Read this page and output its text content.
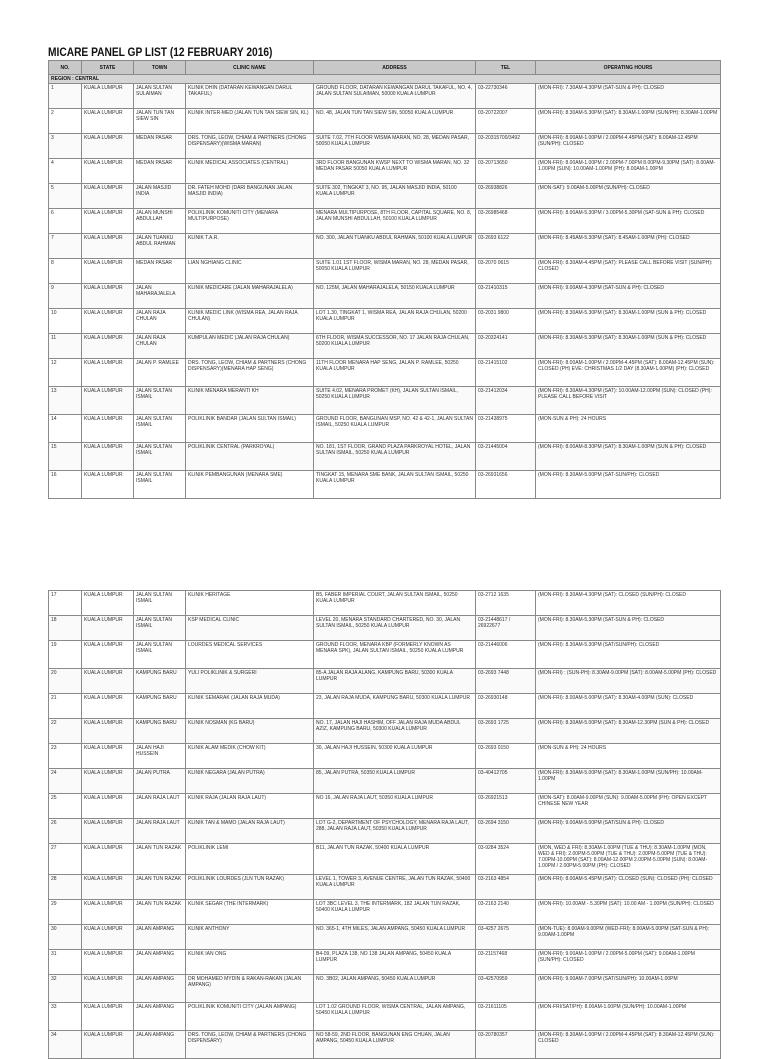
MICARE PANEL GP LIST (12 FEBRUARY 2016)
NO.	STATE	TOWN	CLINIC NAME	ADDRESS	TEL	OPERATING HOURS
REGION : CENTRAL						
1	KUALA LUMPUR	JALAN SULTAN SULAIMAN	KLINIK DHIN (DATARAN KEWANGAN DARUL TAKAFUL)	GROUND FLOOR, DATARAN KEWANGAN DARUL TAKAFUL, NO. 4, JALAN SULTAN SULAIMAN, 50000 KUALA LUMPUR	03-22730346	(MON-FRI): 7.30AM-4.30PM (SAT-SUN & PH): CLOSED
2	KUALA LUMPUR	JALAN TUN TAN SIEW SIN	KLINIK INTER-MED (JALAN TUN TAN SIEW SIN, KL)	NO. 48, JALAN TUN TAN SIEW SIN, 50050 KUALA LUMPUR	03-20722007	(MON-FRI): 8.30AM-5.30PM (SAT): 8.30AM-1.00PM (SUN/PH): 8.30AM-1.00PM
3	KUALA LUMPUR	MEDAN PASAR	DRS. TONG, LEOW, CHIAM & PARTNERS (CHONG DISPENSARY)(WISMA MARAN)	SUITE 7.02, 7TH FLOOR WISMA MARAN, NO. 28, MEDAN PASAR, 50050 KUALA LUMPUR	03-20315700/3492	(MON-FRI): 8.00AM-1.00PM / 2.00PM-4.45PM (SAT): 8.00AM-12.45PM (SUN/PH): CLOSED
4	KUALA LUMPUR	MEDAN PASAR	KLINIK MEDICAL ASSOCIATES (CENTRAL)	3RD FLOOR BANGUNAN KWSP NEXT TO WISMA MARAN, NO. 32 MEDAN PASAR 50050 KUALA LUMPUR	03-20713650	(MON-FRI): 8.00AM-1.00PM / 2.00PM-7.00PM 8.00PM-9.30PM (SAT): 8.00AM-1.00PM (SUN): 10.00AM-1.00PM (PH): 8.00AM-1.00PM
5	KUALA LUMPUR	JALAN MASJID INDIA	DR. FATEH MOHD (DARI BANGUNAN JALAN MASJID INDIA)	SUITE 302, TINGKAT 3, NO. 95, JALAN MASJID INDIA, 50100 KUALA LUMPUR	03-26938826	(MON-SAT): 9.00AM-5.00PM (SUN/PH): CLOSED
6	KUALA LUMPUR	JALAN MUNSHI ABDULLAH	POLIKLINIK KOMUNITI CITY (MENARA MULTIPURPOSE)	MENARA MULTIPURPOSE, 8TH FLOOR, CAPITAL SQUARE, NO. 8, JALAN MUNSHI ABDULLAH, 50100 KUALA LUMPUR	03-26985468	(MON-FRI): 8.00AM-5.30PM / 3.00PM-5.30PM (SAT-SUN & PH): CLOSED
7	KUALA LUMPUR	JALAN TUANKU ABDUL RAHMAN	KLINIK T.A.R.	NO. 300, JALAN TUANKU ABDUL RAHMAN, 50100 KUALA LUMPUR	03-2693 6122	(MON-FRI): 8.45AM-5.30PM (SAT): 8.45AM-1.00PM (PH): CLOSED
8	KUALA LUMPUR	MEDAN PASAR	LIAN NGHIANG CLINIC	SUITE 1.01 1ST FLOOR, WISMA MARAN, NO. 28, MEDAN PASAR, 50050 KUALA LUMPUR	03-2070 0615	(MON-FRI): 8.30AM-4.45PM (SAT): PLEASE CALL BEFORE VISIT (SUN/PH): CLOSED
9	KUALA LUMPUR	JALAN MAHARAJALELA	KLINIK MEDICARE (JALAN MAHARAJALELA)	NO. 125M, JALAN MAHARAJALELA, 50150 KUALA LUMPUR	03-21410315	(MON-FRI): 9.00AM-4.30PM (SAT-SUN & PH): CLOSED
10	KUALA LUMPUR	JALAN RAJA CHULAN	KLINIK MEDIC LINK (WISMA REA, JALAN RAJA CHULAN)	LOT 1.30, TINGKAT 1, WISMA REA, JALAN RAJA CHULAN, 50200 KUALA LUMPUR	03-2031 9800	(MON-FRI): 8.30AM-5.30PM (SAT): 8.30AM-1.00PM (SUN & PH): CLOSED
11	KUALA LUMPUR	JALAN RAJA CHULAN	KUMPULAN MEDIC (JALAN RAJA CHULAN)	6TH FLOOR, WISMA SUCCESSOR, NO. 17 JALAN RAJA CHULAN, 50200 KUALA LUMPUR	03-20324141	(MON-FRI): 8.30AM-5.30PM (SAT): 8.30AM-1.00PM (SUN & PH): CLOSED
12	KUALA LUMPUR	JALAN P. RAMLEE	DRS. TONG, LEOW, CHIAM & PARTNERS (CHONG DISPENSARY)(MENARA HAP SENG)	11TH FLOOR MENARA HAP SENG, JALAN P. RAMLEE, 50250 KUALA LUMPUR	03-21415102	(MON-FRI): 8.00AM-1.00PM / 2.00PM-4.45PM (SAT): 8.00AM-12.45PM (SUN): CLOSED (PH) EVE: CHRISTMAS 1/2 DAY (8.30AM-1.00PM) (PH): CLOSED
13	KUALA LUMPUR	JALAN SULTAN ISMAIL	KLINIK MENARA MERANTI KH	SUITE 4.02, MENARA PROMET (KH), JALAN SULTAN ISMAIL, 50250 KUALA LUMPUR	03-21412034	(MON-FRI): 8.30AM-4.30PM (SAT): 10.00AM-12.00PM (SUN): CLOSED (PH): PLEASE CALL BEFORE VISIT
14	KUALA LUMPUR	JALAN SULTAN ISMAIL	POLIKLINIK BANDAR (JALAN SULTAN ISMAIL)	GROUND FLOOR, BANGUNAN MSP, NO. 42 & 42-1, JALAN SULTAN ISMAIL, 50250 KUALA LUMPUR	03-21438975	(MON-SUN & PH): 24 HOURS
15	KUALA LUMPUR	JALAN SULTAN ISMAIL	POLIKLINIK CENTRAL (PARKROYAL)	NO. 181, 1ST FLOOR, GRAND PLAZA PARKROYAL HOTEL, JALAN SULTAN ISMAIL, 50250 KUALA LUMPUR	03-21445004	(MON-FRI): 8.00AM-8.30PM (SAT): 8.30AM-1.00PM (SUN & PH): CLOSED
16	KUALA LUMPUR	JALAN SULTAN ISMAIL	KLINIK PEMBANGUNAN (MENARA SME)	TINGKAT 15, MENARA SME BANK, JALAN SULTAN ISMAIL, 50250 KUALA LUMPUR	03-26931656	(MON-FRI): 8.30AM-5.00PM (SAT-SUN/PH): CLOSED
17	KUALA LUMPUR	JALAN SULTAN ISMAIL	KLINIK HERITAGE	B5, FABER IMPERIAL COURT, JALAN SULTAN ISMAIL, 50250 KUALA LUMPUR	03-2712 1635	(MON-FRI): 8.30AM-4.30PM (SAT): CLOSED (SUN/PH): CLOSED
18	KUALA LUMPUR	JALAN SULTAN ISMAIL	KSP MEDICAL CLINIC	LEVEL 20, MENARA STANDARD CHARTERED, NO. 30, JALAN SULTAN ISMAIL, 50250 KUALA LUMPUR	03-21448617 / 26922677	(MON-FRI): 8.30AM-5.30PM (SAT-SUN & PH): CLOSED
19	KUALA LUMPUR	JALAN SULTAN ISMAIL	LOURDES MEDICAL SERVICES	GROUND FLOOR, MENARA KBP (FORMERLY KNOWN AS MENARA SPK), JALAN SULTAN ISMAIL, 50250 KUALA LUMPUR	03-21446006	(MON-FRI): 8.30AM-5.30PM (SAT/SUN/PH): CLOSED
20	KUALA LUMPUR	KAMPUNG BARU	YULI POLIKLINIK & SURGERI	85-A JALAN RAJA ALANG, KAMPUNG BARU, 50300 KUALA LUMPUR	03-2693 7448	(MON-FRI) : (SUN-PH): 8.30AM-9.00PM (SAT): 8.00AM-5.00PM (PH): CLOSED
21	KUALA LUMPUR	KAMPUNG BARU	KLINIK SEMARAK (JALAN RAJA MUDA)	23, JALAN RAJA MUDA, KAMPUNG BARU, 50300 KUALA LUMPUR	03-26930148	(MON-FRI): 8.00AM-5.00PM (SAT): 8.30AM-4.00PM (SUN): CLOSED
22	KUALA LUMPUR	KAMPUNG BARU	KLINIK NOSMAN (KG BARU)	NO. 17, JALAN HAJI HASHIM, OFF JALAN RAJA MUDA ABDUL AZIZ, KAMPUNG BARU, 50300 KUALA LUMPUR	03-2693 1725	(MON-FRI): 8.30AM-5.00PM (SAT): 8.30AM-12.30PM (SUN & PH): CLOSED
23	KUALA LUMPUR	JALAN HAJI HUSSEIN	KLINIK ALAM MEDIK (CHOW KIT)	30, JALAN HAJI HUSSEIN, 50300 KUALA LUMPUR	03-2693 0150	(MON-SUN & PH): 24 HOURS
24	KUALA LUMPUR	JALAN PUTRA	KLINIK NEGARA (JALAN PUTRA)	85, JALAN PUTRA, 50350 KUALA LUMPUR	03-40412705	(MON-FRI): 8.30AM-5.00PM (SAT): 8.30AM-1.00PM (SUN/PH): 10.00AM-1.00PM
25	KUALA LUMPUR	JALAN RAJA LAUT	KLINIK RAJA (JALAN RAJA LAUT)	NO 16, JALAN RAJA LAUT, 50350 KUALA LUMPUR	03-26921513	(MON-SAT): 8.00AM-9.00PM (SUN): 9.00AM-5.00PM (PH): OPEN EXCEPT CHINESE NEW YEAR
26	KUALA LUMPUR	JALAN RAJA LAUT	KLINIK TAN & MAMO (JALAN RAJA LAUT)	LOT G-2, DEPARTMENT OF PSYCHOLOGY, MENARA RAJA LAUT, 288, JALAN RAJA LAUT, 50350 KUALA LUMPUR	03-2694 3150	(MON-FRI): 9.00AM-5.00PM (SAT/SUN & PH): CLOSED
27	KUALA LUMPUR	JALAN TUN RAZAK	POLIKLINIK LEMI	B11, JALAN TUN RAZAK, 50400 KUALA LUMPUR	03-9284 3524	(MON, WED & FRI): 8.30AM-1.00PM (TUE & THU): 8.30AM-1.00PM (MON, WED & FRI): 2.00PM-5.00PM (TUE & THU): 2.00PM-5.00PM (TUE & THU): 7.00PM-10.00PM (SAT): 8.00AM-12.00PM 2.00PM-5.00PM (SUN): 8.00AM-1.00PM / 2.00PM-5.00PM (PH): CLOSED
28	KUALA LUMPUR	JALAN TUN RAZAK	POLIKLINIK LOURDES (JLN TUN RAZAK)	LEVEL 1, TOWER 3, AVENUE CENTRE, JALAN TUN RAZAK, 50400 KUALA LUMPUR	03-2163 4854	(MON-FRI): 8.00AM-5.45PM (SAT): CLOSED (SUN): CLOSED (PH): CLOSED
29	KUALA LUMPUR	JALAN TUN RAZAK	KLINIK SEGAR (THE INTERMARK)	LOT 3BC LEVEL 3, THE INTERMARK, 182 JALAN TUN RAZAK, 50400 KUALA LUMPUR	03-2163 2140	(MON-FRI): 10.00AM - 5.30PM (SAT): 10.00 AM - 1.00PM (SUN/PH): CLOSED
30	KUALA LUMPUR	JALAN AMPANG	KLINIK ANTHONY	NO. 365-1, 4TH MILES, JALAN AMPANG, 50450 KUALA LUMPUR	03-4257 2675	(MON-TUE): 8.00AM-9.00PM (WED-FRI): 8.00AM-5.00PM (SAT-SUN & PH): 9.00AM-1.00PM
31	KUALA LUMPUR	JALAN AMPANG	KLINIK IAN ONG	B4-09, PLAZA 138, NO 138 JALAN AMPANG, 50450 KUALA LUMPUR	03-21157468	(MON-FRI): 9.00AM-1.00PM / 2.00PM-5.00PM (SAT): 9.00AM-1.00PM (SUN/PH): CLOSED
32	KUALA LUMPUR	JALAN AMPANG	DR MOHAMED MYDIN & RAKAN-RAKAN (JALAN AMPANG)	NO. 3B02, JALAN AMPANG, 50450 KUALA LUMPUR	03-42570959	(MON-FRI): 9.00AM-7.00PM (SAT/SUN/PH): 10.00AM-1.00PM
33	KUALA LUMPUR	JALAN AMPANG	POLIKLINIK KOMUNITI CITY (JALAN AMPANG)	LOT 1.02 GROUND FLOOR, WISMA CENTRAL, JALAN AMPANG, 50450 KUALA LUMPUR	03-21611105	(MON-FRI/SAT/PH): 8.00AM-1.00PM (SUN/PH): 10.00AM-1.00PM
34	KUALA LUMPUR	JALAN AMPANG	DRS. TONG, LEOW, CHIAM & PARTNERS (CHONG DISPENSARY)	NO 58-59, 2ND FLOOR, BANGUNAN ENG CHUAN, JALAN AMPANG, 50450 KUALA LUMPUR	03-20780357	(MON-FRI): 8.30AM-1.00PM / 2.00PM-4.45PM (SAT): 8.30AM-12.45PM (SUN): CLOSED
